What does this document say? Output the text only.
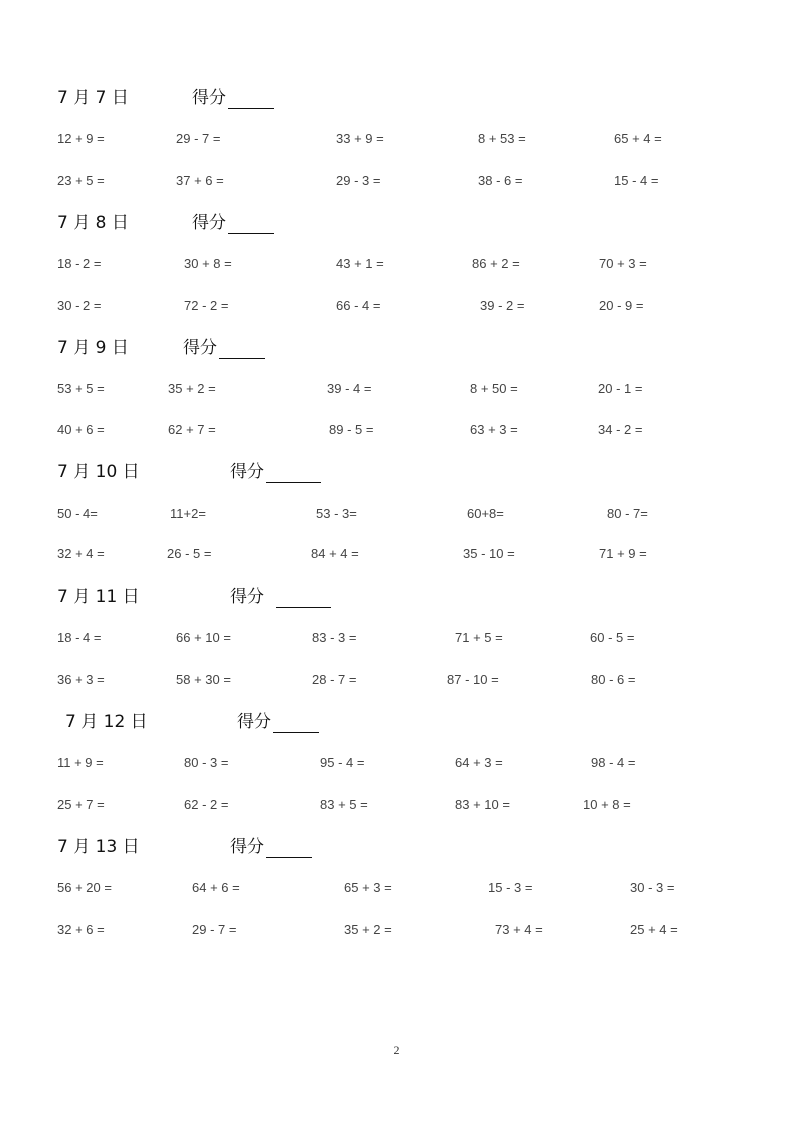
7 月 7 日	得分
12 + 9 =	29 - 7 =	33 + 9 =	8 + 53 =	65 + 4 =
23 + 5 =	37 + 6 =	29 - 3 =	38 - 6 =	15 - 4 =
7 月 8 日	得分
18 - 2 =	30 + 8 =	43 + 1 =	86 + 2 =	70 + 3 =
30 - 2 =	72 - 2 =	66 - 4 =	39 - 2 =	20 - 9 =
7 月 9 日	得分
53 + 5 =	35 + 2 =	39 - 4 =	8 + 50 =	20 - 1 =
40 + 6 =	62 + 7 =	89 - 5 =	63 + 3 =	34 - 2 =
7 月 10 日	得分
50 - 4=	11+2=	53 - 3=	60+8=	80 - 7=
32 + 4 =	26 - 5 =	84 + 4 =	35 - 10 =	71 + 9 =
7 月 11 日	得分
18 - 4 =	66 + 10 =	83 - 3 =	71 + 5 =	60 - 5 =
36 + 3 =	58 + 30 =	28 - 7 =	87 - 10 =	80 - 6 =
7 月 12 日	得分
11 + 9 =	80 - 3 =	95 - 4 =	64 + 3 =	98 - 4 =
25 + 7 =	62 - 2 =	83 + 5 =	83 + 10 =	10 + 8 =
7 月 13 日	得分
56 + 20 =	64 + 6 =	65 + 3 =	15 - 3 =	30 - 3 =
32 + 6 =	29 - 7 =	35 + 2 =	73 + 4 =	25 + 4 =
2
